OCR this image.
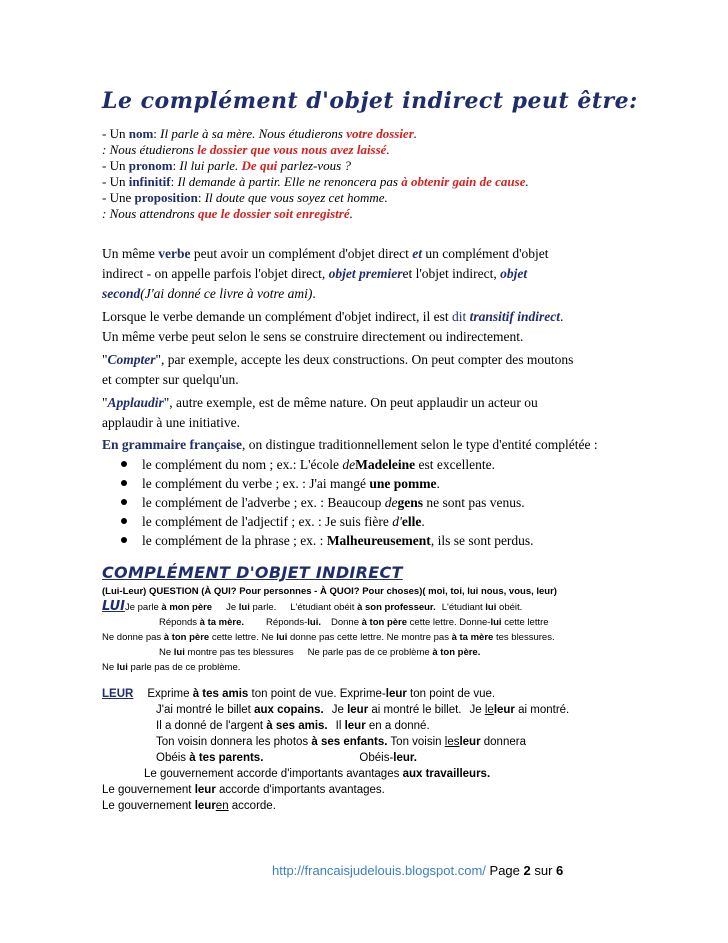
Le complément d'objet indirect peut être:
- Un nom: Il parle à sa mère. Nous étudierons votre dossier.
: Nous étudierons le dossier que vous nous avez laissé.
- Un pronom: Il lui parle. De qui parlez-vous ?
- Un infinitif: Il demande à partir. Elle ne renoncera pas à obtenir gain de cause.
- Une proposition: Il doute que vous soyez cet homme.
: Nous attendrons que le dossier soit enregistré.

Un même verbe peut avoir un complément d'objet direct et un complément d'objet

indirect - on appelle parfois l'objet direct, objet premieret l'objet indirect, objet

second(J'ai donné ce livre à votre ami).

Lorsque le verbe demande un complément d'objet indirect, il est dit transitif indirect.

Un même verbe peut selon le sens se construire directement ou indirectement.

"Compter", par exemple, accepte les deux constructions. On peut compter des moutons

et compter sur quelqu'un.

"Applaudir", autre exemple, est de même nature. On peut applaudir un acteur ou

applaudir à une initiative.

En grammaire française, on distingue traditionnellement selon le type d'entité complétée :

le complément du nom ; ex.: L'école deMadeleine est excellente.
le complément du verbe ; ex. : J'ai mangé une pomme.
le complément de l'adverbe ; ex. : Beaucoup degens ne sont pas venus.
le complément de l'adjectif ; ex. : Je suis fière d'elle.
le complément de la phrase ; ex. : Malheureusement, ils se sont perdus.
COMPLÉMENT D'OBJET INDIRECT
(Lui-Leur) QUESTION (À QUI? Pour personnes - À QUOI? Pour choses)( moi, toi, lui nous, vous, leur)
LUIJe parle à mon père Je lui parle. L'étudiant obéit à son professeur. L'étudiant lui obéit.
Réponds à ta mère. Réponds-lui. Donne à ton père cette lettre. Donne-lui cette lettre
Ne donne pas à ton père cette lettre. Ne lui donne pas cette lettre. Ne montre pas à ta mère tes blessures.
Ne lui montre pas tes blessures Ne parle pas de ce problème à ton père.
Ne lui parle pas de ce problème.
LEUR Exprime à tes amis ton point de vue. Exprime-leur ton point de vue.
J'ai montré le billet aux copains. Je leur ai montré le billet. Je leleur ai montré.
Il a donné de l'argent à ses amis. Il leur en a donné.
Ton voisin donnera les photos à ses enfants. Ton voisin lesleur donnera
Obéis à tes parents.	Obéis-leur.
Le gouvernement accorde d'importants avantages aux travailleurs.
Le gouvernement leur accorde d'importants avantages.
Le gouvernement leuren accorde.
http://francaisjudelouis.blogspot.com/ Page 2 sur 6
